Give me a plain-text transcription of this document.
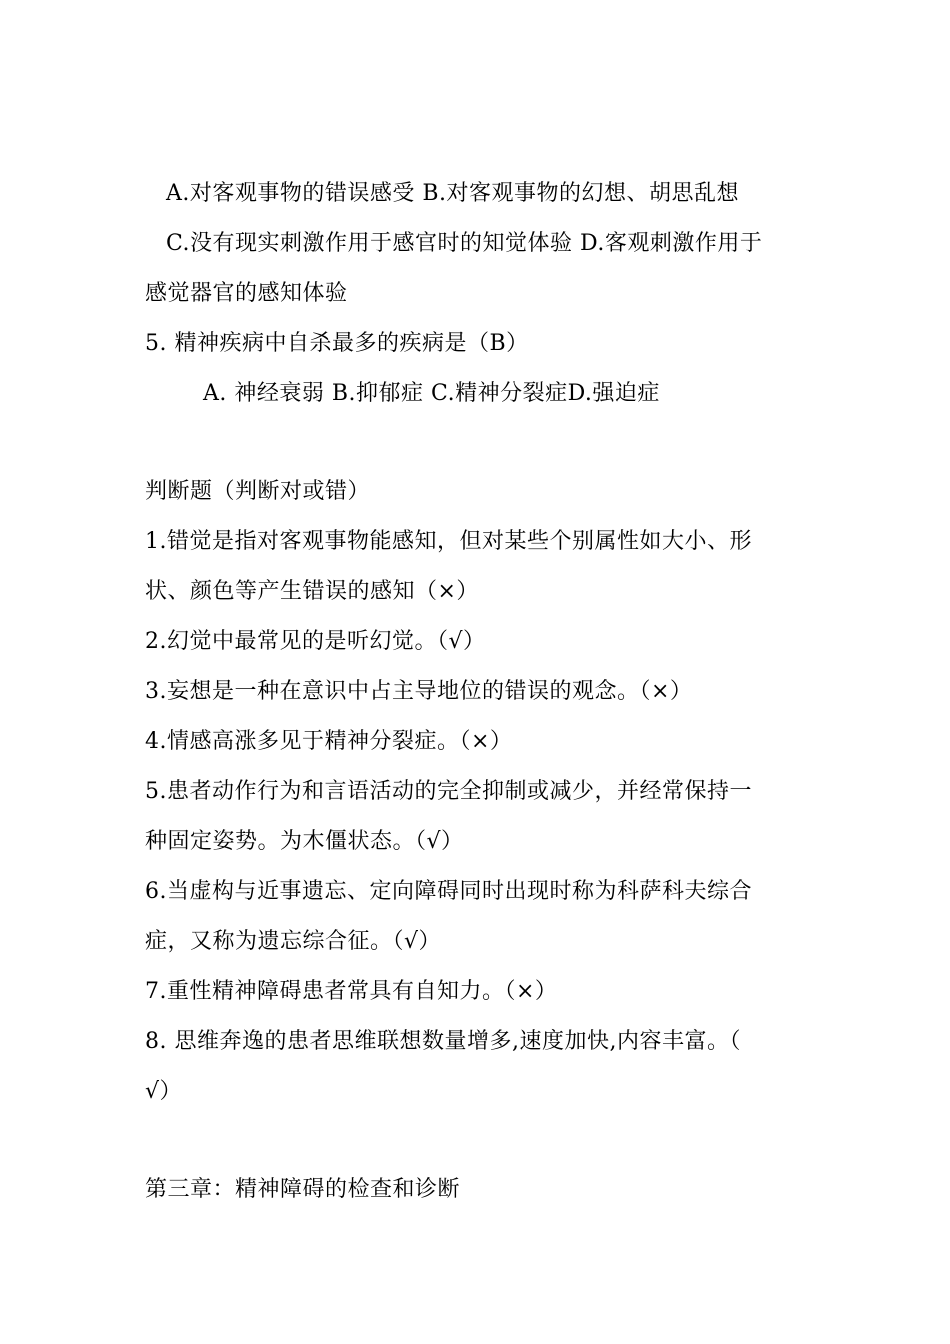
A.对客观事物的错误感受 B.对客观事物的幻想、胡思乱想
C.没有现实刺激作用于感官时的知觉体验 D.客观刺激作用于
感觉器官的感知体验
5. 精神疾病中自杀最多的疾病是（B）
A. 神经衰弱 B.抑郁症 C.精神分裂症D.强迫症
判断题（判断对或错）
1.错觉是指对客观事物能感知，但对某些个别属性如大小、形
状、颜色等产生错误的感知（×）
2.幻觉中最常见的是听幻觉。（√）
3.妄想是一种在意识中占主导地位的错误的观念。（×）
4.情感高涨多见于精神分裂症。（×）
5.患者动作行为和言语活动的完全抑制或减少，并经常保持一
种固定姿势。为木僵状态。（√）
6.当虚构与近事遗忘、定向障碍同时出现时称为科萨科夫综合
症，又称为遗忘综合征。（√）
7.重性精神障碍患者常具有自知力。（×）
8. 思维奔逸的患者思维联想数量增多,速度加快,内容丰富。（
√）
第三章：精神障碍的检查和诊断
